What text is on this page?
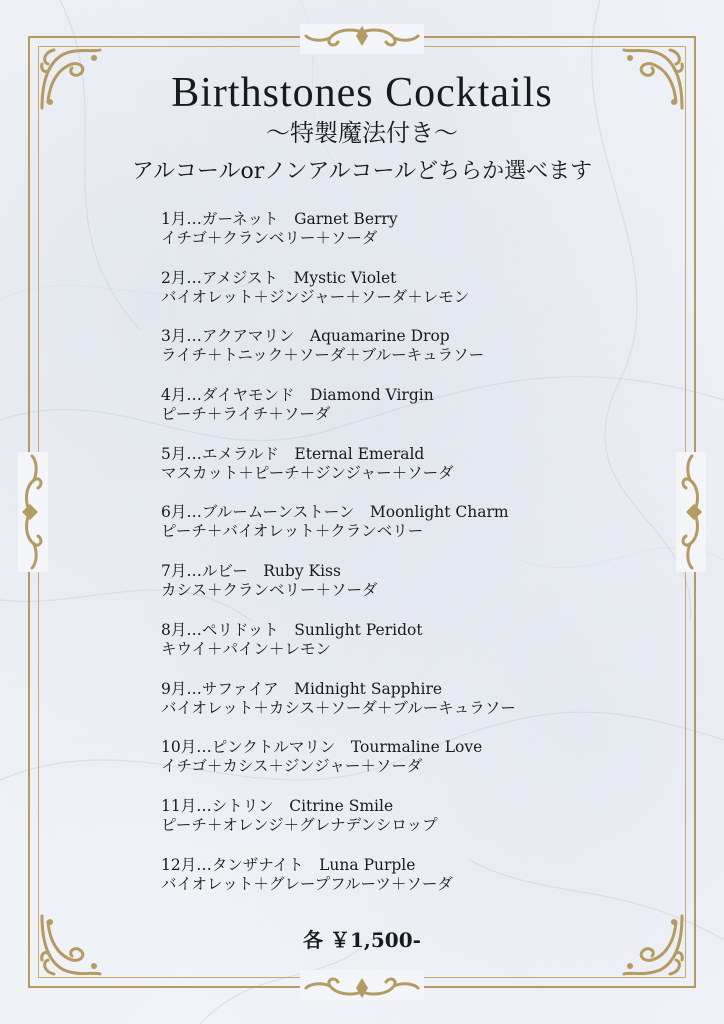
Birthstones Cocktails
〜特製魔法付き〜
アルコールorノンアルコールどちらか選べます
1月…ガーネット　Garnet Berry
イチゴ＋クランベリー＋ソーダ
2月…アメジスト　Mystic Violet
バイオレット＋ジンジャー＋ソーダ＋レモン
3月…アクアマリン　Aquamarine Drop
ライチ＋トニック＋ソーダ＋ブルーキュラソー
4月…ダイヤモンド　Diamond Virgin
ピーチ＋ライチ＋ソーダ
5月…エメラルド　Eternal Emerald
マスカット＋ピーチ＋ジンジャー＋ソーダ
6月…ブルームーンストーン　Moonlight Charm
ピーチ＋バイオレット＋クランベリー
7月…ルビー　Ruby Kiss
カシス＋クランベリー＋ソーダ
8月…ペリドット　Sunlight Peridot
キウイ＋パイン＋レモン
9月…サファイア　Midnight Sapphire
バイオレット＋カシス＋ソーダ＋ブルーキュラソー
10月…ピンクトルマリン　Tourmaline Love
イチゴ＋カシス＋ジンジャー＋ソーダ
11月…シトリン　Citrine Smile
ピーチ＋オレンジ＋グレナデンシロップ
12月…タンザナイト　Luna Purple
バイオレット＋グレープフルーツ＋ソーダ
各 ￥1,500-
